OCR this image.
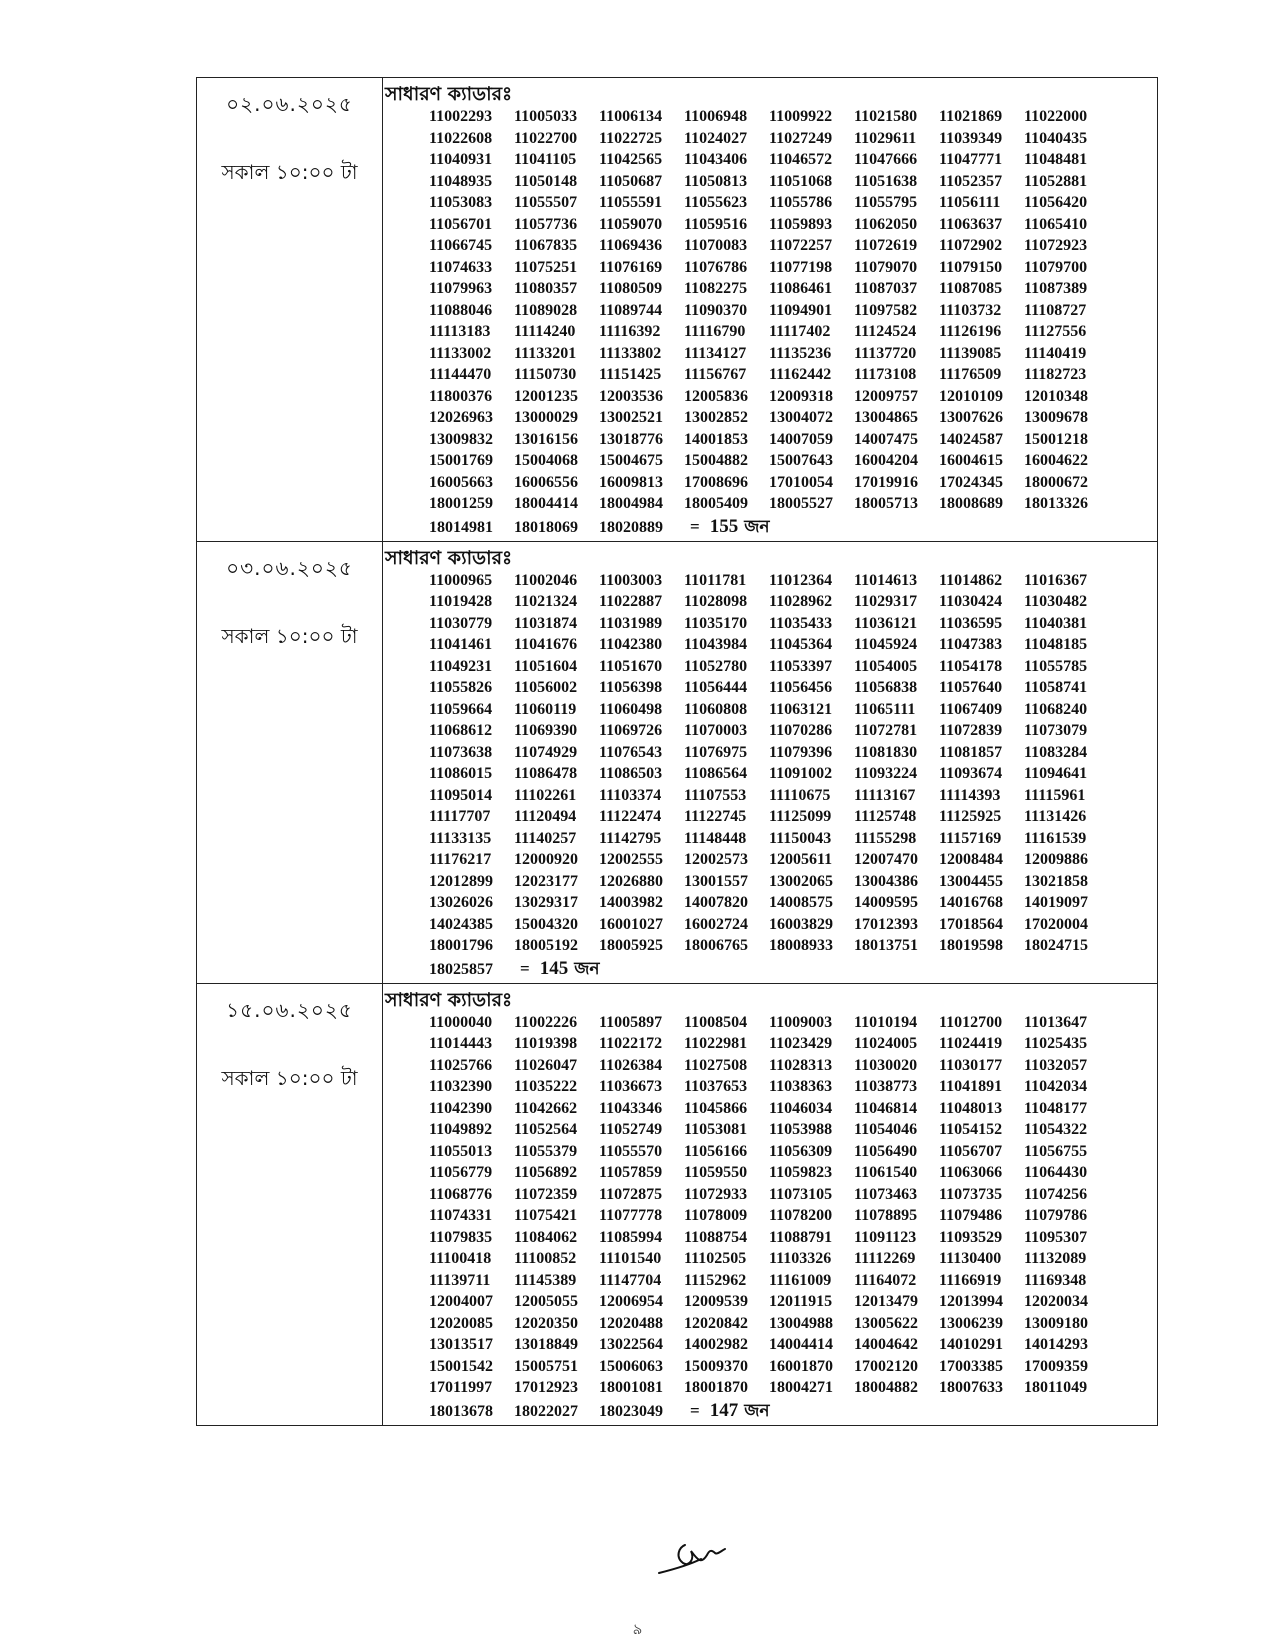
০২.০৬.২০২৫
সকাল ১০:০০ টা
সাধারণ ক্যাডারঃ
11002293	11005033	11006134	11006948	11009922	11021580	11021869	11022000
11022608	11022700	11022725	11024027	11027249	11029611	11039349	11040435
11040931	11041105	11042565	11043406	11046572	11047666	11047771	11048481
11048935	11050148	11050687	11050813	11051068	11051638	11052357	11052881
11053083	11055507	11055591	11055623	11055786	11055795	11056111	11056420
11056701	11057736	11059070	11059516	11059893	11062050	11063637	11065410
11066745	11067835	11069436	11070083	11072257	11072619	11072902	11072923
11074633	11075251	11076169	11076786	11077198	11079070	11079150	11079700
11079963	11080357	11080509	11082275	11086461	11087037	11087085	11087389
11088046	11089028	11089744	11090370	11094901	11097582	11103732	11108727
11113183	11114240	11116392	11116790	11117402	11124524	11126196	11127556
11133002	11133201	11133802	11134127	11135236	11137720	11139085	11140419
11144470	11150730	11151425	11156767	11162442	11173108	11176509	11182723
11800376	12001235	12003536	12005836	12009318	12009757	12010109	12010348
12026963	13000029	13002521	13002852	13004072	13004865	13007626	13009678
13009832	13016156	13018776	14001853	14007059	14007475	14024587	15001218
15001769	15004068	15004675	15004882	15007643	16004204	16004615	16004622
16005663	16006556	16009813	17008696	17010054	17019916	17024345	18000672
18001259	18004414	18004984	18005409	18005527	18005713	18008689	18013326
18014981	18018069	18020889	= 155 জন
০৩.০৬.২০২৫
সকাল ১০:০০ টা
সাধারণ ক্যাডারঃ
11000965	11002046	11003003	11011781	11012364	11014613	11014862	11016367
11019428	11021324	11022887	11028098	11028962	11029317	11030424	11030482
11030779	11031874	11031989	11035170	11035433	11036121	11036595	11040381
11041461	11041676	11042380	11043984	11045364	11045924	11047383	11048185
11049231	11051604	11051670	11052780	11053397	11054005	11054178	11055785
11055826	11056002	11056398	11056444	11056456	11056838	11057640	11058741
11059664	11060119	11060498	11060808	11063121	11065111	11067409	11068240
11068612	11069390	11069726	11070003	11070286	11072781	11072839	11073079
11073638	11074929	11076543	11076975	11079396	11081830	11081857	11083284
11086015	11086478	11086503	11086564	11091002	11093224	11093674	11094641
11095014	11102261	11103374	11107553	11110675	11113167	11114393	11115961
11117707	11120494	11122474	11122745	11125099	11125748	11125925	11131426
11133135	11140257	11142795	11148448	11150043	11155298	11157169	11161539
11176217	12000920	12002555	12002573	12005611	12007470	12008484	12009886
12012899	12023177	12026880	13001557	13002065	13004386	13004455	13021858
13026026	13029317	14003982	14007820	14008575	14009595	14016768	14019097
14024385	15004320	16001027	16002724	16003829	17012393	17018564	17020004
18001796	18005192	18005925	18006765	18008933	18013751	18019598	18024715
18025857	= 145 জন
১৫.০৬.২০২৫
সকাল ১০:০০ টা
সাধারণ ক্যাডারঃ
11000040	11002226	11005897	11008504	11009003	11010194	11012700	11013647
11014443	11019398	11022172	11022981	11023429	11024005	11024419	11025435
11025766	11026047	11026384	11027508	11028313	11030020	11030177	11032057
11032390	11035222	11036673	11037653	11038363	11038773	11041891	11042034
11042390	11042662	11043346	11045866	11046034	11046814	11048013	11048177
11049892	11052564	11052749	11053081	11053988	11054046	11054152	11054322
11055013	11055379	11055570	11056166	11056309	11056490	11056707	11056755
11056779	11056892	11057859	11059550	11059823	11061540	11063066	11064430
11068776	11072359	11072875	11072933	11073105	11073463	11073735	11074256
11074331	11075421	11077778	11078009	11078200	11078895	11079486	11079786
11079835	11084062	11085994	11088754	11088791	11091123	11093529	11095307
11100418	11100852	11101540	11102505	11103326	11112269	11130400	11132089
11139711	11145389	11147704	11152962	11161009	11164072	11166919	11169348
12004007	12005055	12006954	12009539	12011915	12013479	12013994	12020034
12020085	12020350	12020488	12020842	13004988	13005622	13006239	13009180
13013517	13018849	13022564	14002982	14004414	14004642	14010291	14014293
15001542	15005751	15006063	15009370	16001870	17002120	17003385	17009359
17011997	17012923	18001081	18001870	18004271	18004882	18007633	18011049
18013678	18022027	18023049	= 147 জন
৯
